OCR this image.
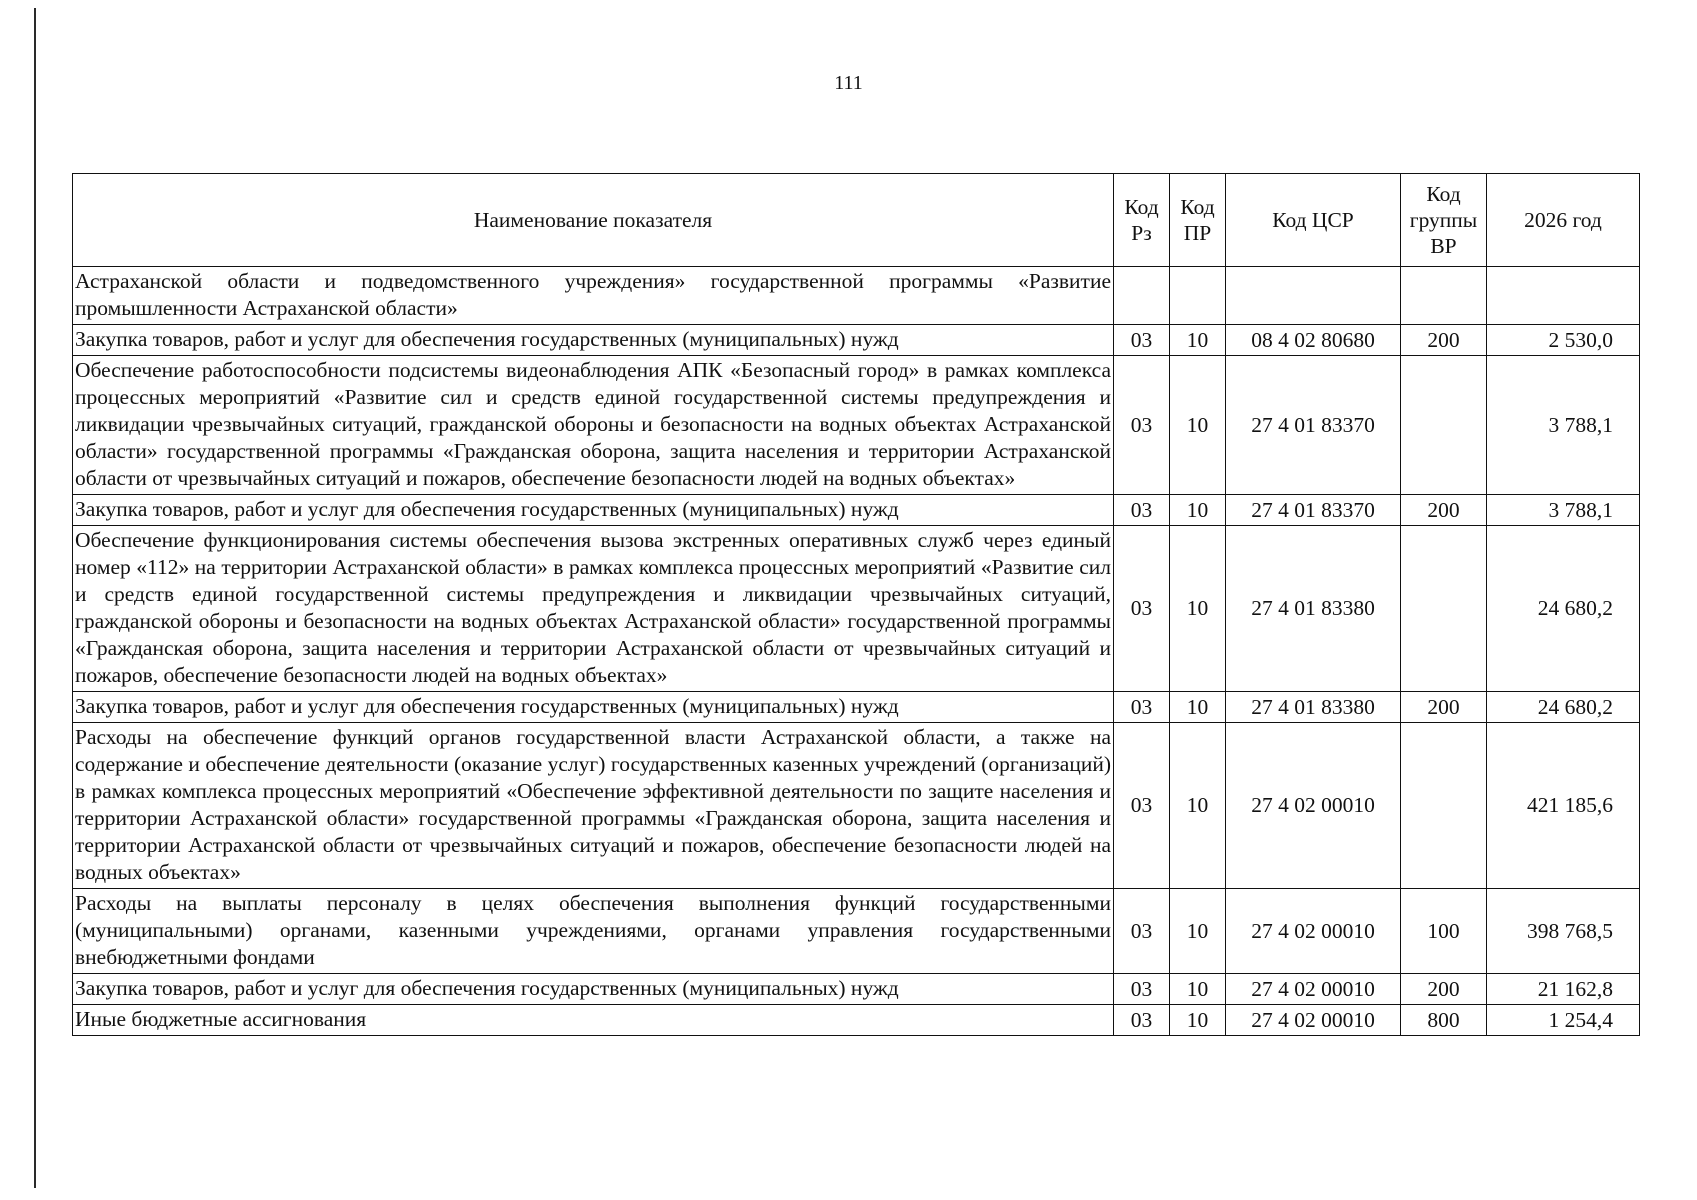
111
Наименование показателя	Код Рз	Код ПР	Код ЦСР	Код группы ВР	2026 год
Астраханской области и подведомственного учреждения» государственной программы «Развитие промышленности Астраханской области»					
Закупка товаров, работ и услуг для обеспечения государственных (муниципальных) нужд	03	10	08 4 02 80680	200	2 530,0
Обеспечение работоспособности подсистемы видеонаблюдения АПК «Безопасный город» в рамках комплекса процессных мероприятий «Развитие сил и средств единой государственной системы предупреждения и ликвидации чрезвычайных ситуаций, гражданской обороны и безопасности на водных объектах Астраханской области» государственной программы «Гражданская оборона, защита населения и территории Астраханской области от чрезвычайных ситуаций и пожаров, обеспечение безопасности людей на водных объектах»	03	10	27 4 01 83370		3 788,1
Закупка товаров, работ и услуг для обеспечения государственных (муниципальных) нужд	03	10	27 4 01 83370	200	3 788,1
Обеспечение функционирования системы обеспечения вызова экстренных оперативных служб через единый номер «112» на территории Астраханской области» в рамках комплекса процессных мероприятий «Развитие сил и средств единой государственной системы предупреждения и ликвидации чрезвычайных ситуаций, гражданской обороны и безопасности на водных объектах Астраханской области» государственной программы «Гражданская оборона, защита населения и территории Астраханской области от чрезвычайных ситуаций и пожаров, обеспечение безопасности людей на водных объектах»	03	10	27 4 01 83380		24 680,2
Закупка товаров, работ и услуг для обеспечения государственных (муниципальных) нужд	03	10	27 4 01 83380	200	24 680,2
Расходы на обеспечение функций органов государственной власти Астраханской области, а также на содержание и обеспечение деятельности (оказание услуг) государственных казенных учреждений (организаций) в рамках комплекса процессных мероприятий «Обеспечение эффективной деятельности по защите населения и территории Астраханской области» государственной программы «Гражданская оборона, защита населения и территории Астраханской области от чрезвычайных ситуаций и пожаров, обеспечение безопасности людей на водных объектах»	03	10	27 4 02 00010		421 185,6
Расходы на выплаты персоналу в целях обеспечения выполнения функций государственными (муниципальными) органами, казенными учреждениями, органами управления государственными внебюджетными фондами	03	10	27 4 02 00010	100	398 768,5
Закупка товаров, работ и услуг для обеспечения государственных (муниципальных) нужд	03	10	27 4 02 00010	200	21 162,8
Иные бюджетные ассигнования	03	10	27 4 02 00010	800	1 254,4
